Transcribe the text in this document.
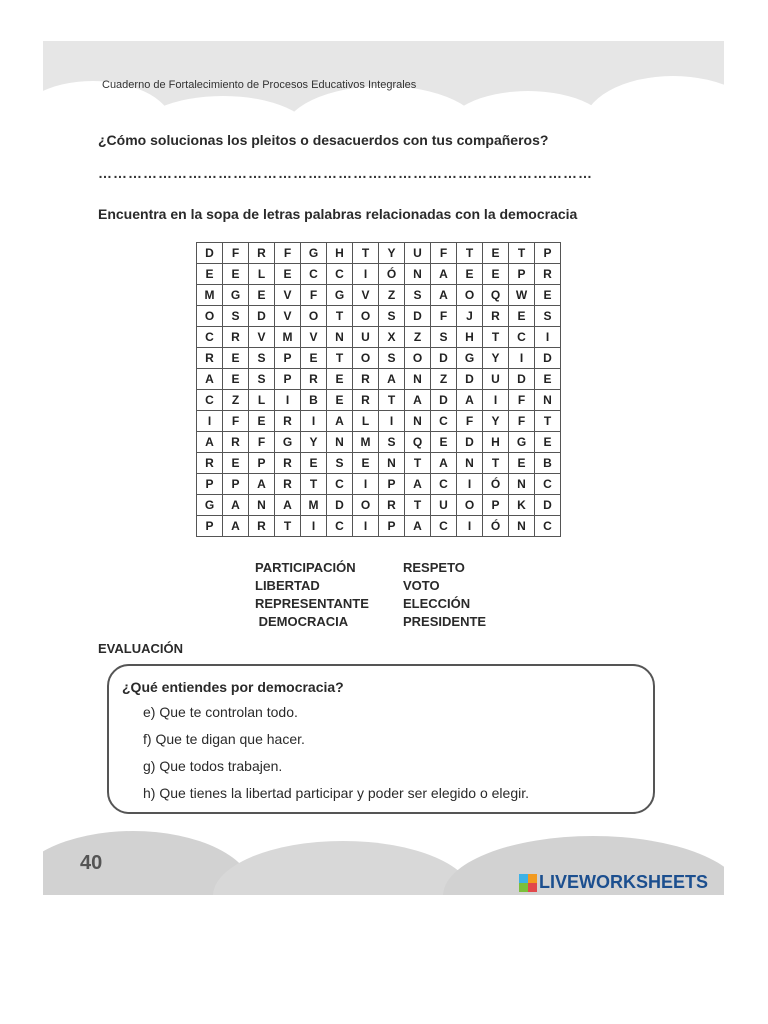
Cuaderno de Fortalecimiento de Procesos Educativos Integrales
¿Cómo solucionas los pleitos o desacuerdos con tus compañeros?
………………………………………………………………………………………
Encuentra en la sopa de letras palabras relacionadas con la democracia
D	F	R	F	G	H	T	Y	U	F	T	E	T	P
E	E	L	E	C	C	I	Ó	N	A	E	E	P	R
M	G	E	V	F	G	V	Z	S	A	O	Q	W	E
O	S	D	V	O	T	O	S	D	F	J	R	E	S
C	R	V	M	V	N	U	X	Z	S	H	T	C	I
R	E	S	P	E	T	O	S	O	D	G	Y	I	D
A	E	S	P	R	E	R	A	N	Z	D	U	D	E
C	Z	L	I	B	E	R	T	A	D	A	I	F	N
I	F	E	R	I	A	L	I	N	C	F	Y	F	T
A	R	F	G	Y	N	M	S	Q	E	D	H	G	E
R	E	P	R	E	S	E	N	T	A	N	T	E	B
P	P	A	R	T	C	I	P	A	C	I	Ó	N	C
G	A	N	A	M	D	O	R	T	U	O	P	K	D
P	A	R	T	I	C	I	P	A	C	I	Ó	N	C
PARTICIPACIÓN
LIBERTAD
REPRESENTANTE
DEMOCRACIA
RESPETO
VOTO
ELECCIÓN
PRESIDENTE
EVALUACIÓN
¿Qué entiendes por democracia?
e) Que te controlan todo.
f) Que te digan que hacer.
g) Que todos trabajen.
h) Que tienes la libertad participar y poder ser elegido o elegir.
40
LIVEWORKSHEETS
